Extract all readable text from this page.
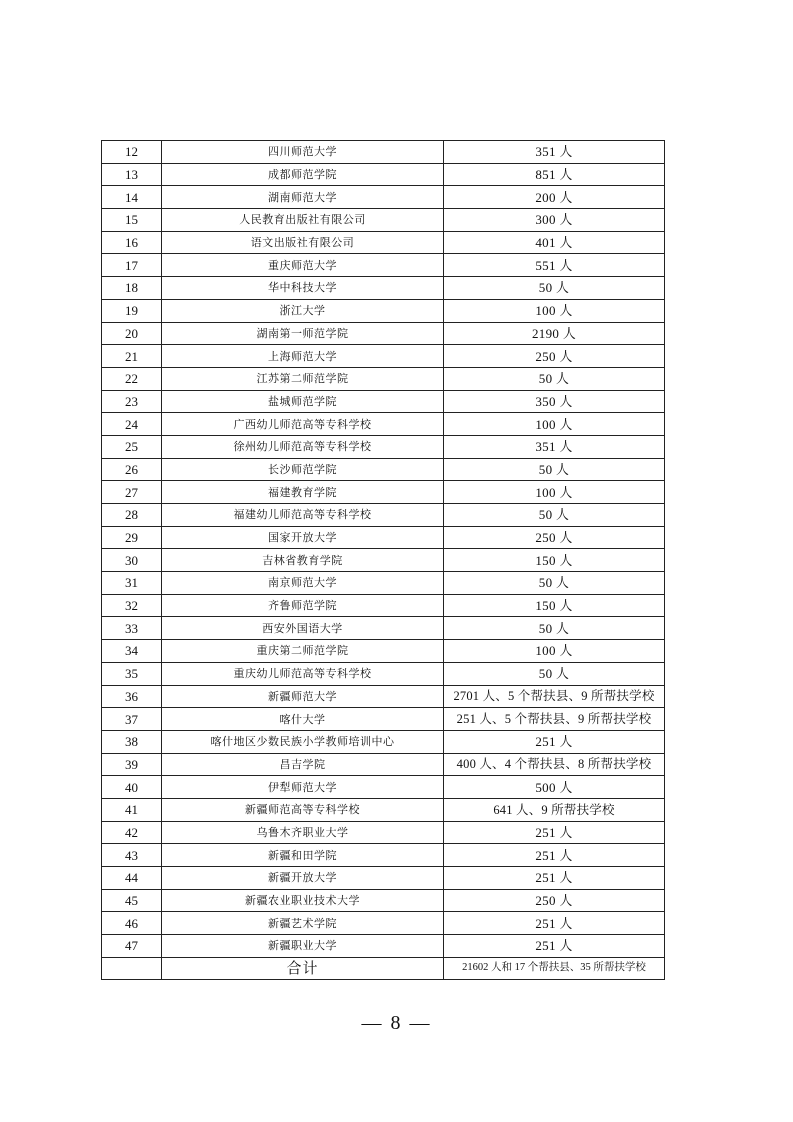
12	四川师范大学	351 人
13	成都师范学院	851 人
14	湖南师范大学	200 人
15	人民教育出版社有限公司	300 人
16	语文出版社有限公司	401 人
17	重庆师范大学	551 人
18	华中科技大学	50 人
19	浙江大学	100 人
20	湖南第一师范学院	2190 人
21	上海师范大学	250 人
22	江苏第二师范学院	50 人
23	盐城师范学院	350 人
24	广西幼儿师范高等专科学校	100 人
25	徐州幼儿师范高等专科学校	351 人
26	长沙师范学院	50 人
27	福建教育学院	100 人
28	福建幼儿师范高等专科学校	50 人
29	国家开放大学	250 人
30	吉林省教育学院	150 人
31	南京师范大学	50 人
32	齐鲁师范学院	150 人
33	西安外国语大学	50 人
34	重庆第二师范学院	100 人
35	重庆幼儿师范高等专科学校	50 人
36	新疆师范大学	2701 人、5 个帮扶县、9 所帮扶学校
37	喀什大学	251 人、5 个帮扶县、9 所帮扶学校
38	喀什地区少数民族小学教师培训中心	251 人
39	昌吉学院	400 人、4 个帮扶县、8 所帮扶学校
40	伊犁师范大学	500 人
41	新疆师范高等专科学校	641 人、9 所帮扶学校
42	乌鲁木齐职业大学	251 人
43	新疆和田学院	251 人
44	新疆开放大学	251 人
45	新疆农业职业技术大学	250 人
46	新疆艺术学院	251 人
47	新疆职业大学	251 人
	合计	21602 人和 17 个帮扶县、35 所帮扶学校
— 8 —
